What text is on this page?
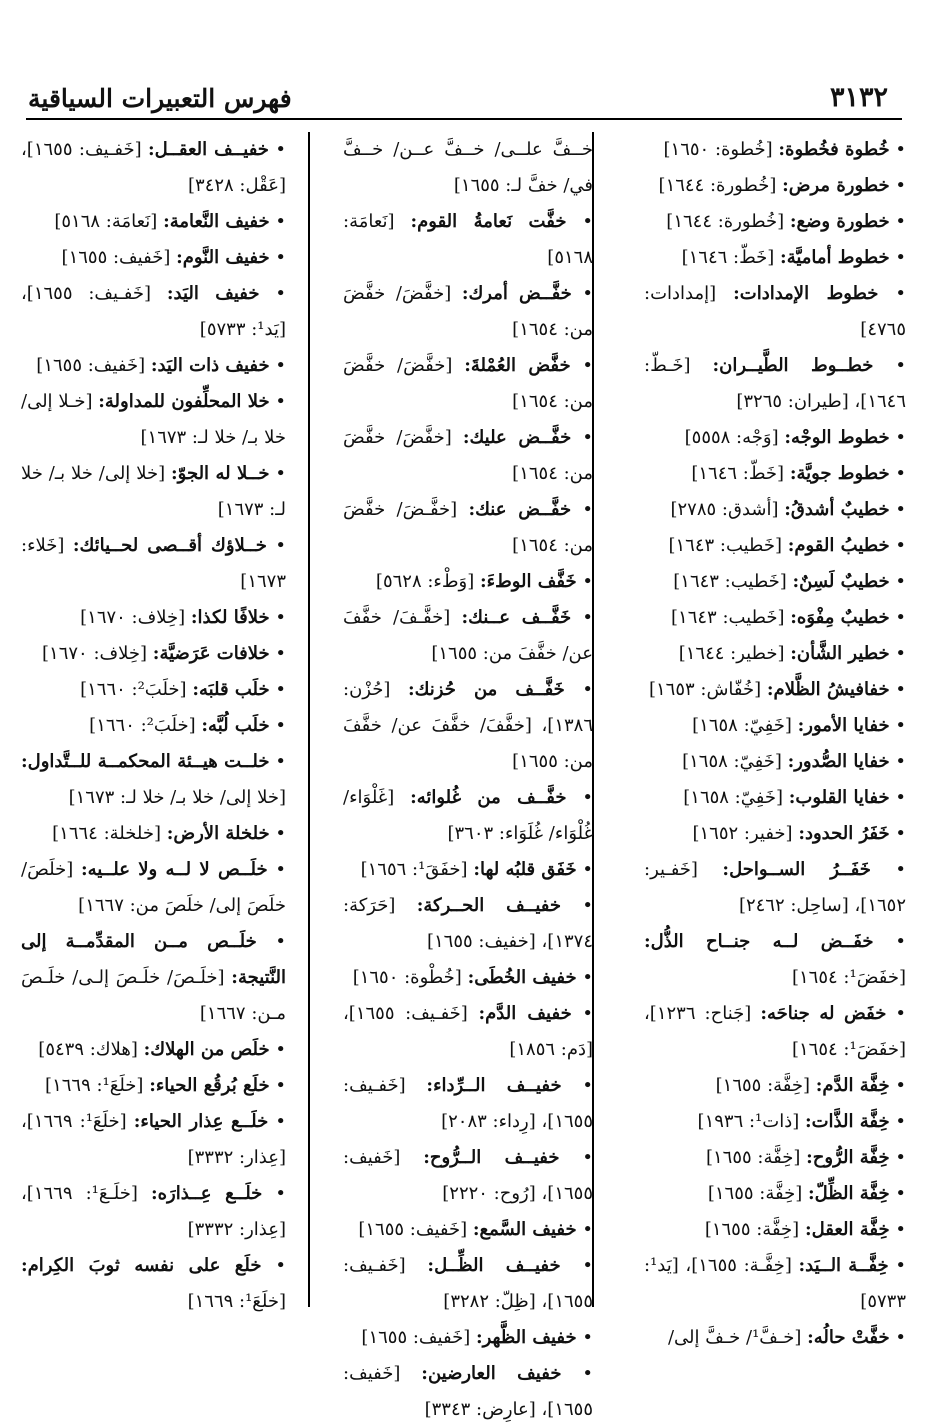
٣١٣٢
فهرس التعبيرات السياقية

• خُطوة فخُطوة: [خُطوة: ١٦٥٠]

• خطورة مرض: [خُطورة: ١٦٤٤]

• خطورة وضع: [خُطورة: ١٦٤٤]

• خطوط أماميَّة: [خَطّ: ١٦٤٦]

• خطوط الإمدادات: [إمدادات: ٤٧٦٥]

• خطــوط الطَّيــران: [خَـطّ: ١٦٤٦]، [طيران: ٣٢٦٥]

• خطوط الوجْه: [وَجْه: ٥٥٥٨]

• خطوط جويَّة: [خَطّ: ١٦٤٦]

• خطيبٌ أشدقُ: [أشدق: ٢٧٨٥]

• خطيبُ القوم: [خَطيب: ١٦٤٣]

• خطيبٌ لَسِنٌ: [خَطيب: ١٦٤٣]

• خطيبٌ مِفْوَه: [خَطيب: ١٦٤٣]

• خطير الشَّأن: [خطير: ١٦٤٤]

• خفافيشُ الظَّلام: [خُفّاش: ١٦٥٣]

• خفايا الأمور: [خَفِيّ: ١٦٥٨]

• خفايا الصُّدور: [خَفِيّ: ١٦٥٨]

• خفايا القلوب: [خَفِيّ: ١٦٥٨]

• خَفَرُ الحدود: [خفير: ١٦٥٢]

• خَفَــرُ الســواحل: [خَفـير: ١٦٥٢]، [ساحِل: ٢٤٦٢]

• خفَــض لــه جنــاح الذُّل: [خفَضَ¹: ١٦٥٤]

• خفَض له جناحَه: [جَناح: ١٢٣٦]، [خفَضَ¹: ١٦٥٤]

• خِفَّة الدَّم: [خِفَّة: ١٦٥٥]

• خِفَّة الذَّات: [ذات¹: ١٩٣٦]

• خِفَّة الرُّوح: [خِفَّة: ١٦٥٥]

• خِفَّة الظِّلّ: [خِفَّة: ١٦٥٥]

• خِفَّة العقل: [خِفَّة: ١٦٥٥]

• خِفَّــة الــيَد: [خِفَّـة: ١٦٥٥]، [يَد¹: ٥٧٣٣]

• خفَّتْ حالُه: [خـفَّ¹/ خـفَّ إلى/

خــفَّ علــى/ خــفَّ عــن/ خــفَّ في/ خفَّ لـ: ١٦٥٥]

• خفَّت نَعامةُ القوم: [نَعامَة: ٥١٦٨]

• خفَّــض أمرك: [خفَّضَ/ خفَّضَ من: ١٦٥٤]

• خفَّض العُمْلةَ: [خفَّضَ/ خفَّضَ من: ١٦٥٤]

• خفَّــض عليك: [خفَّضَ/ خفَّضَ من: ١٦٥٤]

• خفَّــض عنك: [خفَّـضَ/ خفَّضَ من: ١٦٥٤]

• خَفَّف الوطءَ: [وَطْء: ٥٦٢٨]

• خَفَّــف عــنك: [خفَّـفَ/ خفَّفَ عن/ خفَّفَ من: ١٦٥٥]

• خَفَّــف من حُزنك: [حُزْن: ١٣٨٦]، [خفَّفَ/ خفَّفَ عن/ خفَّفَ من: ١٦٥٥]

• خفَّــف من غُلوائه: [غَلْوَاء/ غُلْوَاء/ غُلَوَاء: ٣٦٠٣]

• خَفَق قلبُه لها: [خفَقَ¹: ١٦٥٦]

• خفيــف الحــركة: [حَرَكة: ١٣٧٤]، [خفيف: ١٦٥٥]

• خفيف الخُطَى: [خُطْوة: ١٦٥٠]

• خفيف الدَّم: [خَفـيف: ١٦٥٥]، [دَم: ١٨٥٦]

• خفيــف الــرِّداء: [خَفـيف: ١٦٥٥]، [رِداء: ٢٠٨٣]

• خفيــف الــرُّوح: [خَفيف: ١٦٥٥]، [رُوح: ٢٢٢٠]

• خفيف السَّمع: [خَفيف: ١٦٥٥]

• خفيــف الظِّــل: [خَفـيف: ١٦٥٥]، [ظِلّ: ٣٢٨٢]

• خفيف الظَّهر: [خَفيف: ١٦٥٥]

• خفيف العارضين: [خَفيف: ١٦٥٥]، [عارِض: ٣٣٤٣]

• خفيــف العقــل: [خَفـيف: ١٦٥٥]، [عَقْل: ٣٤٢٨]

• خفيف النَّعامة: [نَعامَة: ٥١٦٨]

• خفيف النَّوم: [خَفيف: ١٦٥٥]

• خفيف اليَد: [خَفـيف: ١٦٥٥]، [يَد¹: ٥٧٣٣]

• خفيف ذات اليَد: [خَفيف: ١٦٥٥]

• خلا المحلِّفون للمداولة: [خـلا إلى/ خلا بـ/ خلا لـ: ١٦٧٣]

• خــلا له الجوّ: [خلا إلى/ خلا بـ/ خلا لـ: ١٦٧٣]

• خــلاؤك أقــصى لحــيائك: [خَلاء: ١٦٧٣]

• خلافًا لكذا: [خِلاف: ١٦٧٠]

• خلافات عَرَضيَّة: [خِلاف: ١٦٧٠]

• خلَب قلبَه: [خلَبَ²: ١٦٦٠]

• خلَب لُبَّه: [خلَبَ²: ١٦٦٠]

• خلــت هيــئة المحكمــة للــتَّداول: [خلا إلى/ خلا بـ/ خلا لـ: ١٦٧٣]

• خلخلة الأرض: [خلخلة: ١٦٦٤]

• خلَــص لا لــه ولا علــيه: [خلَصَ/ خلَصَ إلى/ خلَصَ من: ١٦٦٧]

• خلَــص مــن المقدِّمــة إلى النَّتيجة: [خلَـصَ/ خلَـصَ إلـى/ خلَـصَ مـن: ١٦٦٧]

• خلَص من الهلاك: [هلاك: ٥٤٣٩]

• خلَع بُرقُع الحياء: [خلَعَ¹: ١٦٦٩]

• خلَــع عِذار الحياء: [خلَعَ¹: ١٦٦٩]، [عِذار: ٣٣٣٢]

• خلَــع عِــذارَه: [خلَـعَ¹: ١٦٦٩]، [عِذار: ٣٣٣٢]

• خلَع على نفسه ثوبَ الكِرام: [خلَعَ¹: ١٦٦٩]
